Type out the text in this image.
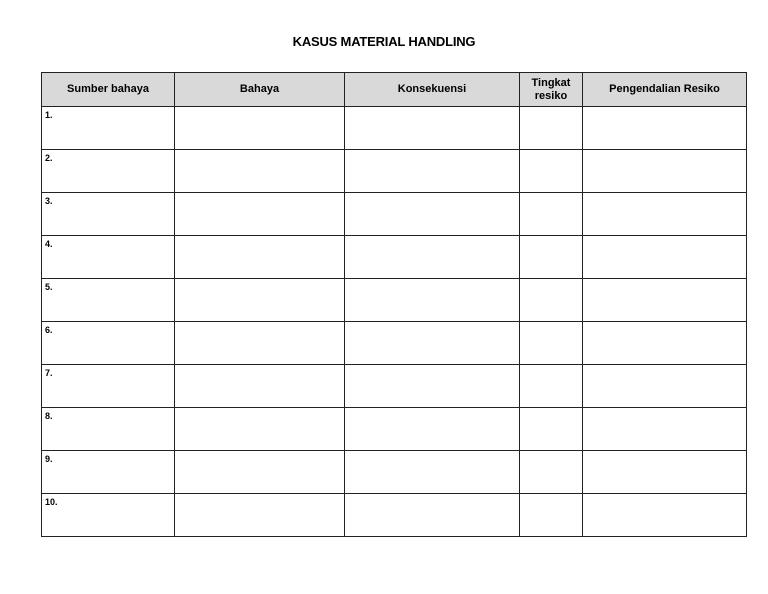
KASUS MATERIAL HANDLING
Sumber bahaya	Bahaya	Konsekuensi	Tingkat resiko	Pengendalian Resiko

1.				

2.				

3.				

4.				

5.				

6.				

7.				

8.				

9.				

10.				
